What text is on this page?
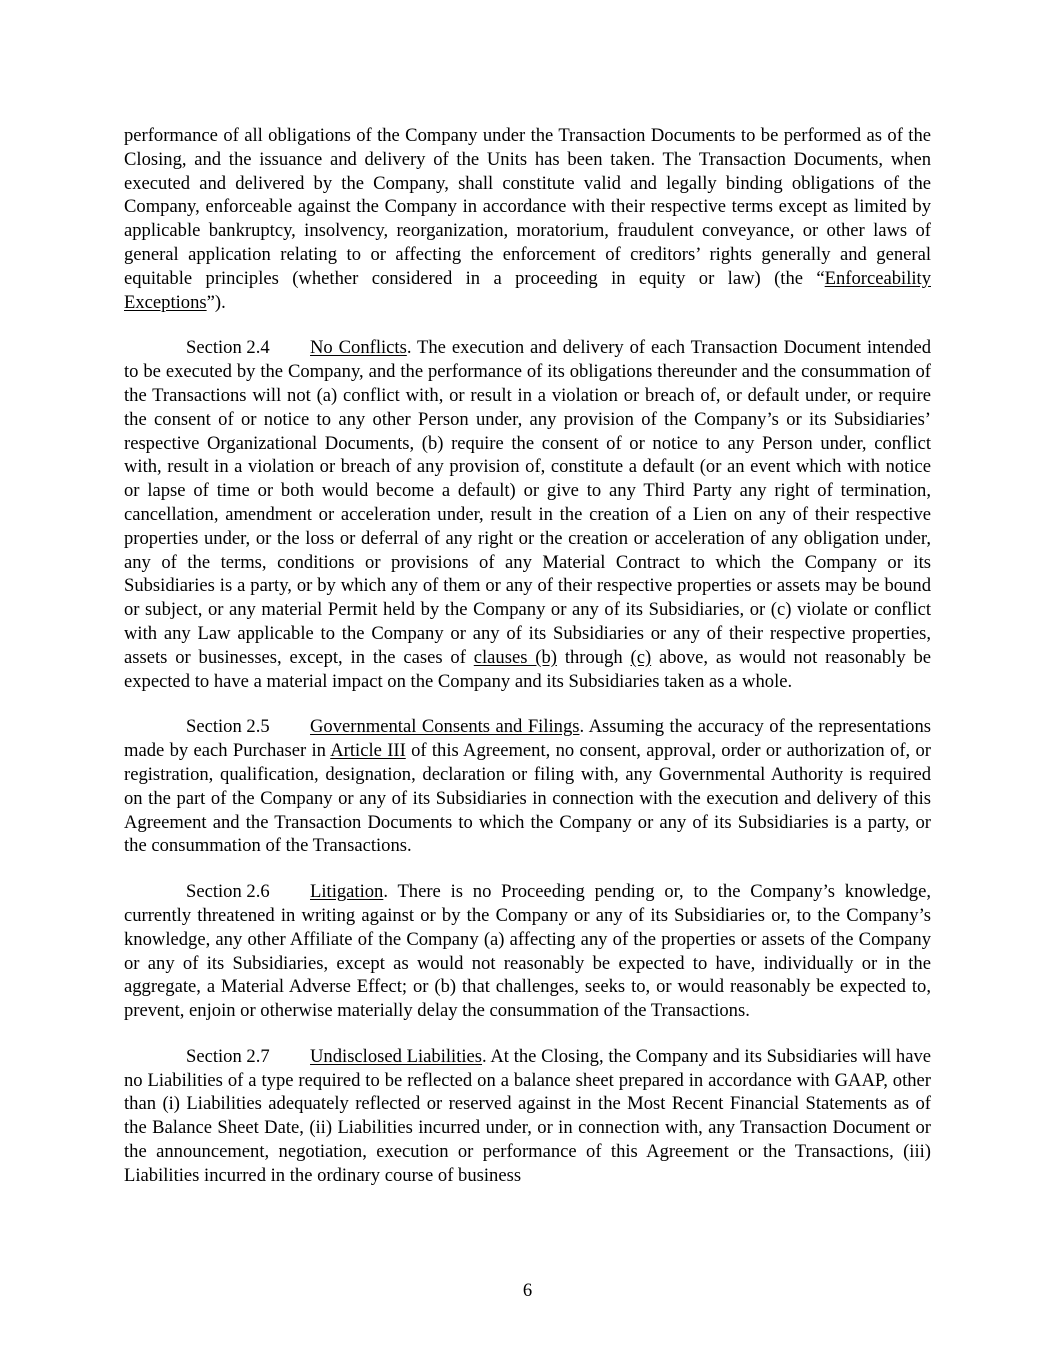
performance of all obligations of the Company under the Transaction Documents to be performed as of the Closing, and the issuance and delivery of the Units has been taken. The Transaction Documents, when executed and delivered by the Company, shall constitute valid and legally binding obligations of the Company, enforceable against the Company in accordance with their respective terms except as limited by applicable bankruptcy, insolvency, reorganization, moratorium, fraudulent conveyance, or other laws of general application relating to or affecting the enforcement of creditors’ rights generally and general equitable principles (whether considered in a proceeding in equity or law) (the “Enforceability Exceptions”).

Section 2.4 No Conflicts. The execution and delivery of each Transaction Document intended to be executed by the Company, and the performance of its obligations thereunder and the consummation of the Transactions will not (a) conflict with, or result in a violation or breach of, or default under, or require the consent of or notice to any other Person under, any provision of the Company’s or its Subsidiaries’ respective Organizational Documents, (b) require the consent of or notice to any Person under, conflict with, result in a violation or breach of any provision of, constitute a default (or an event which with notice or lapse of time or both would become a default) or give to any Third Party any right of termination, cancellation, amendment or acceleration under, result in the creation of a Lien on any of their respective properties under, or the loss or deferral of any right or the creation or acceleration of any obligation under, any of the terms, conditions or provisions of any Material Contract to which the Company or its Subsidiaries is a party, or by which any of them or any of their respective properties or assets may be bound or subject, or any material Permit held by the Company or any of its Subsidiaries, or (c) violate or conflict with any Law applicable to the Company or any of its Subsidiaries or any of their respective properties, assets or businesses, except, in the cases of clauses (b) through (c) above, as would not reasonably be expected to have a material impact on the Company and its Subsidiaries taken as a whole.

Section 2.5 Governmental Consents and Filings. Assuming the accuracy of the representations made by each Purchaser in Article III of this Agreement, no consent, approval, order or authorization of, or registration, qualification, designation, declaration or filing with, any Governmental Authority is required on the part of the Company or any of its Subsidiaries in connection with the execution and delivery of this Agreement and the Transaction Documents to which the Company or any of its Subsidiaries is a party, or the consummation of the Transactions.

Section 2.6 Litigation. There is no Proceeding pending or, to the Company’s knowledge, currently threatened in writing against or by the Company or any of its Subsidiaries or, to the Company’s knowledge, any other Affiliate of the Company (a) affecting any of the properties or assets of the Company or any of its Subsidiaries, except as would not reasonably be expected to have, individually or in the aggregate, a Material Adverse Effect; or (b) that challenges, seeks to, or would reasonably be expected to, prevent, enjoin or otherwise materially delay the consummation of the Transactions.

Section 2.7 Undisclosed Liabilities. At the Closing, the Company and its Subsidiaries will have no Liabilities of a type required to be reflected on a balance sheet prepared in accordance with GAAP, other than (i) Liabilities adequately reflected or reserved against in the Most Recent Financial Statements as of the Balance Sheet Date, (ii) Liabilities incurred under, or in connection with, any Transaction Document or the announcement, negotiation, execution or performance of this Agreement or the Transactions, (iii) Liabilities incurred in the ordinary course of business

6
